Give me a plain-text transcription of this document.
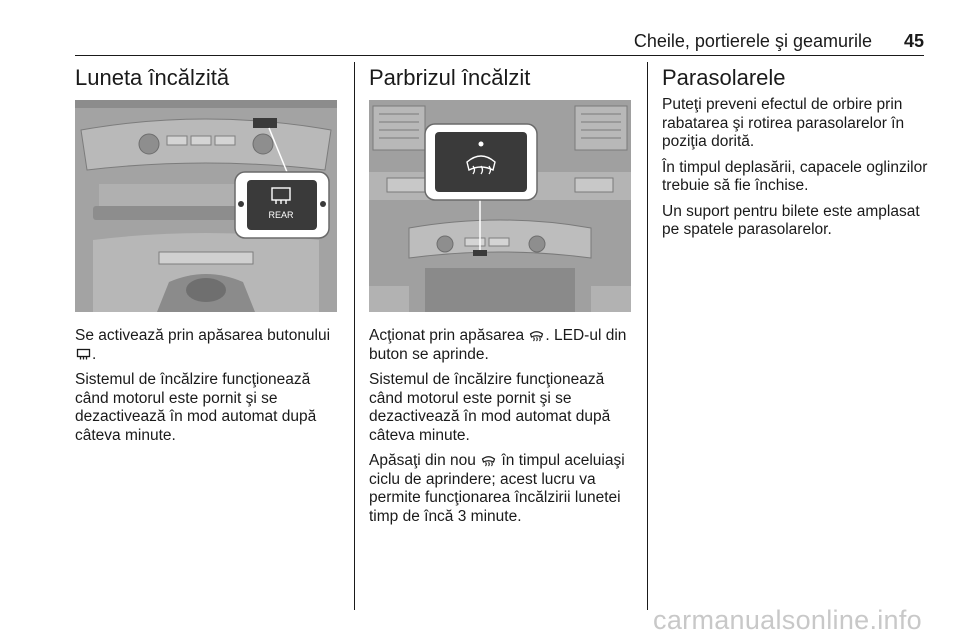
Cheile, portierele şi geamurile 45
Luneta încălzită
REAR

Se activează prin apăsarea butonului
.

Sistemul de încălzire funcţionează când motorul este pornit şi se dezactivează în mod automat după câteva minute.

Parbrizul încălzit

Acţionat prin apăsarea
. LED-ul din buton se aprinde.

Sistemul de încălzire funcţionează când motorul este pornit şi se dezactivează în mod automat după câteva minute.

Apăsaţi din nou
în timpul aceluiaşi ciclu de aprindere; acest lucru va permite funcţionarea încălzirii lunetei timp de încă 3 minute.

Parasolarele

Puteţi preveni efectul de orbire prin rabatarea şi rotirea parasolarelor în poziţia dorită.

În timpul deplasării, capacele oglinzilor trebuie să fie închise.

Un suport pentru bilete este amplasat pe spatele parasolarelor.

carmanualsonline.info
